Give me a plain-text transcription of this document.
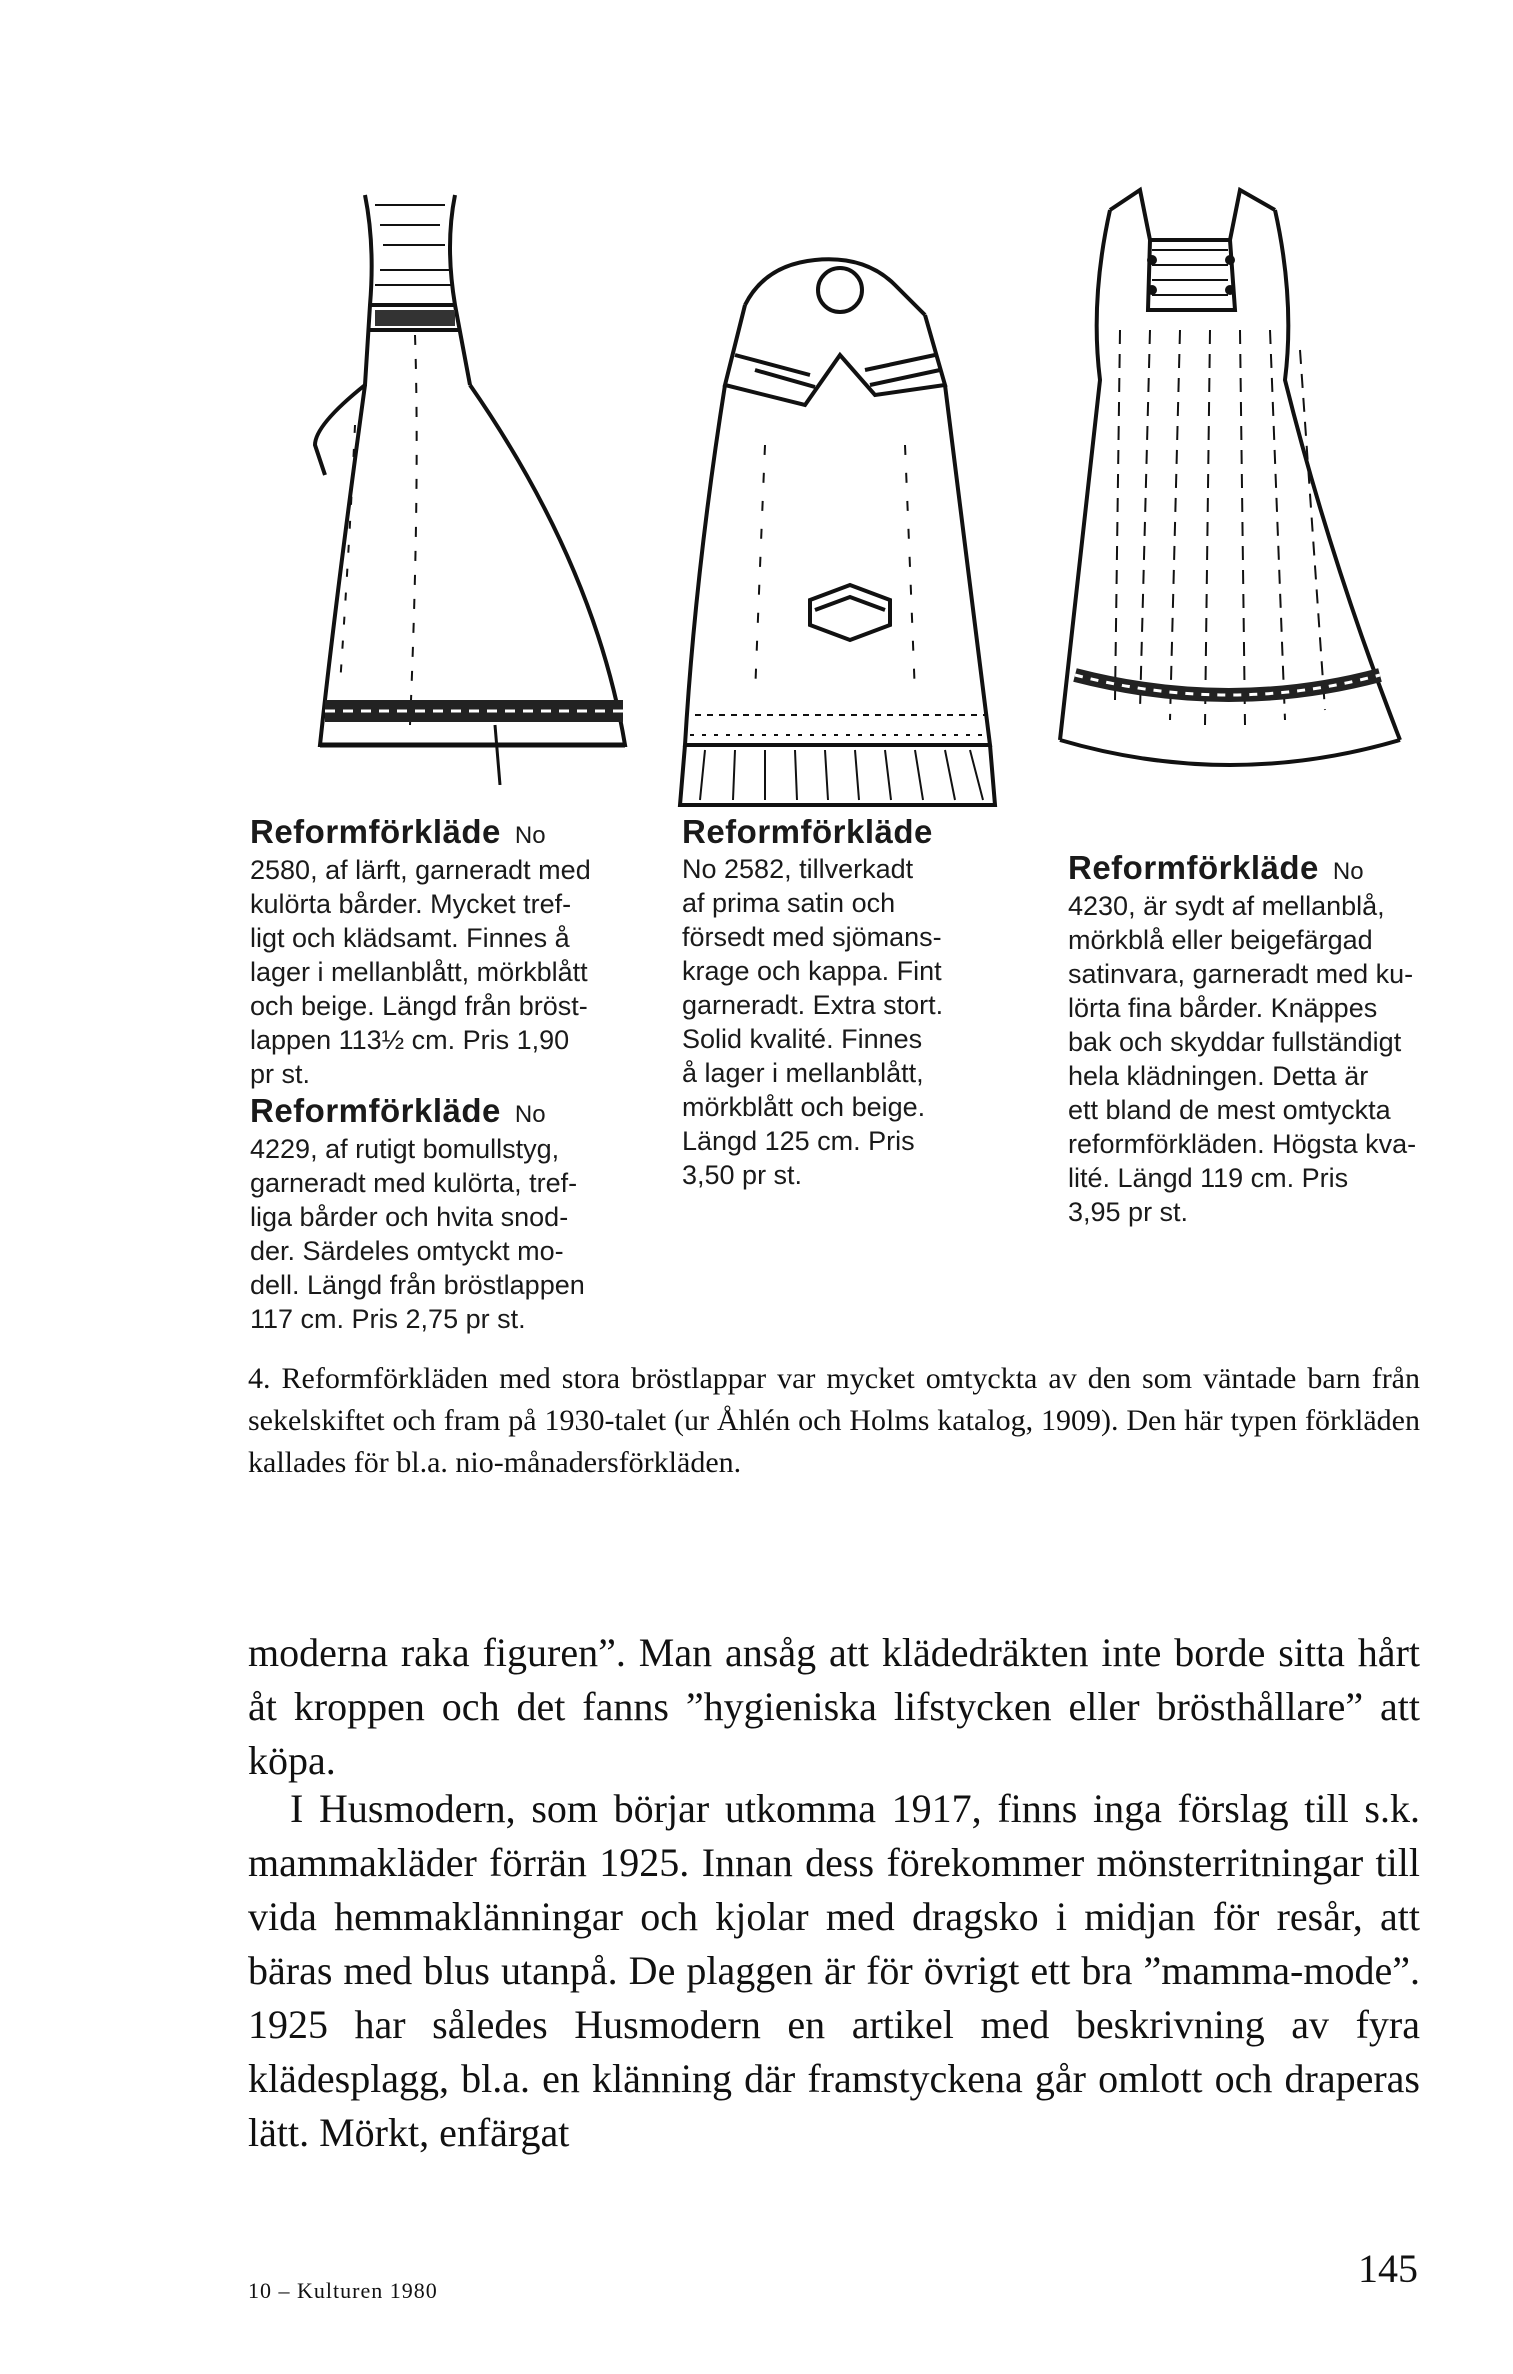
Reformförkläde No

2580, af lärft, garneradt med

kulörta bårder. Mycket tref-

ligt och klädsamt. Finnes å

lager i mellanblått, mörkblått

och beige. Längd från bröst-

lappen 113½ cm. Pris 1,90

pr st.

Reformförkläde No

4229, af rutigt bomullstyg,

garneradt med kulörta, tref-

liga bårder och hvita snod-

der. Särdeles omtyckt mo-

dell. Längd från bröstlappen

117 cm. Pris 2,75 pr st.

Reformförkläde

No 2582, tillverkadt

af prima satin och

försedt med sjömans-

krage och kappa. Fint

garneradt. Extra stort.

Solid kvalité. Finnes

å lager i mellanblått,

mörkblått och beige.

Längd 125 cm. Pris

3,50 pr st.

Reformförkläde No

4230, är sydt af mellanblå,

mörkblå eller beigefärgad

satinvara, garneradt med ku-

lörta fina bårder. Knäppes

bak och skyddar fullständigt

hela klädningen. Detta är

ett bland de mest omtyckta

reformförkläden. Högsta kva-

lité. Längd 119 cm. Pris

3,95 pr st.

4. Reformförkläden med stora bröstlappar var mycket omtyckta av den som väntade barn från sekelskiftet och fram på 1930-talet (ur Åhlén och Holms katalog, 1909). Den här typen förkläden kallades för bl.a. nio-månadersförkläden.

moderna raka figuren”. Man ansåg att klädedräkten inte borde sitta hårt åt kroppen och det fanns ”hygieniska lifstycken eller brösthållare” att köpa.

I Husmodern, som börjar utkomma 1917, finns inga förslag till s.k. mammakläder förrän 1925. Innan dess förekommer mönsterritningar till vida hemmaklänningar och kjolar med dragsko i midjan för resår, att bäras med blus utanpå. De plaggen är för övrigt ett bra ”mamma-mode”. 1925 har således Husmodern en artikel med beskrivning av fyra klädesplagg, bl.a. en klänning där framstyckena går omlott och draperas lätt. Mörkt, enfärgat

10 – Kulturen 1980	145
